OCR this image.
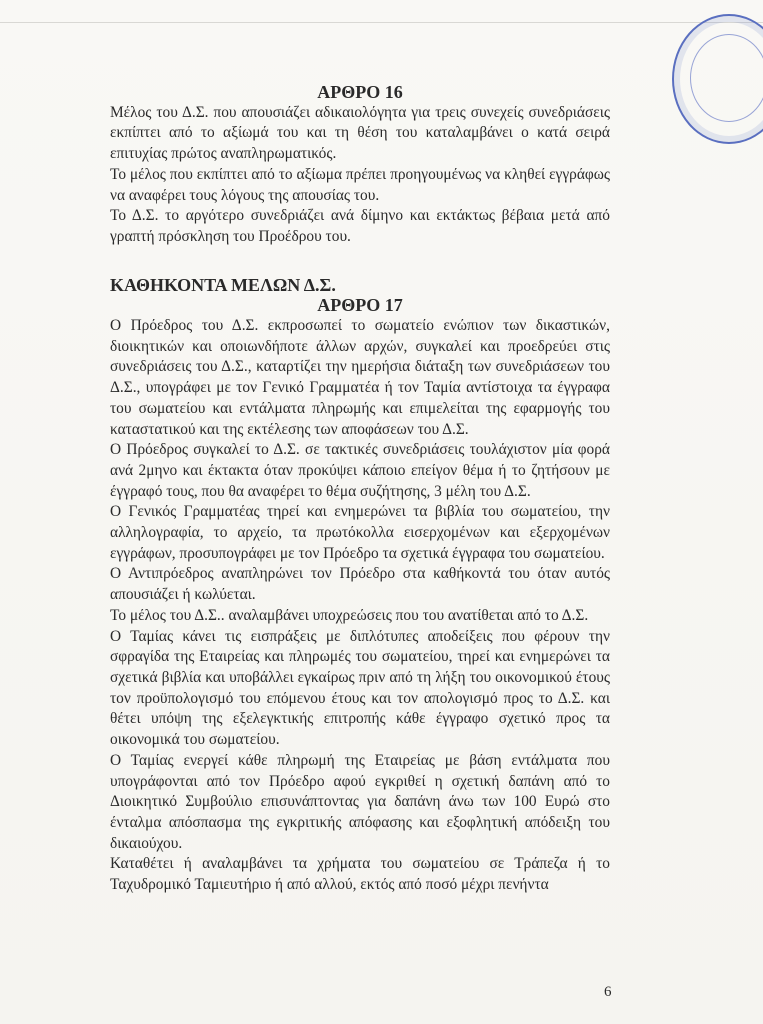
ΑΡΘΡΟ 16

Μέλος του Δ.Σ. που απουσιάζει αδικαιολόγητα για τρεις συνεχείς συνεδριάσεις εκπίπτει από το αξίωμά του και τη θέση του καταλαμβάνει ο κατά σειρά επιτυχίας πρώτος αναπληρωματικός.

Το μέλος που εκπίπτει από το αξίωμα πρέπει προηγουμένως να κληθεί εγγράφως να αναφέρει τους λόγους της απουσίας του.

Το Δ.Σ. το αργότερο συνεδριάζει ανά δίμηνο και εκτάκτως βέβαια μετά από γραπτή πρόσκληση του Προέδρου του.

ΚΑΘΗΚΟΝΤΑ ΜΕΛΩΝ Δ.Σ.
ΑΡΘΡΟ 17

Ο Πρόεδρος του Δ.Σ. εκπροσωπεί το σωματείο ενώπιον των δικαστικών, διοικητικών και οποιωνδήποτε άλλων αρχών, συγκαλεί και προεδρεύει στις συνεδριάσεις του Δ.Σ., καταρτίζει την ημερήσια διάταξη των συνεδριάσεων του Δ.Σ., υπογράφει με τον Γενικό Γραμματέα ή τον Ταμία αντίστοιχα τα έγγραφα του σωματείου και εντάλματα πληρωμής και επιμελείται της εφαρμογής του καταστατικού και της εκτέλεσης των αποφάσεων του Δ.Σ.

Ο Πρόεδρος συγκαλεί το Δ.Σ. σε τακτικές συνεδριάσεις τουλάχιστον μία φορά ανά 2μηνο και έκτακτα όταν προκύψει κάποιο επείγον θέμα ή το ζητήσουν με έγγραφό τους, που θα αναφέρει το θέμα συζήτησης, 3 μέλη του Δ.Σ.

Ο Γενικός Γραμματέας τηρεί και ενημερώνει τα βιβλία του σωματείου, την αλληλογραφία, το αρχείο, τα πρωτόκολλα εισερχομένων και εξερχομένων εγγράφων, προσυπογράφει με τον Πρόεδρο τα σχετικά έγγραφα του σωματείου.

Ο Αντιπρόεδρος αναπληρώνει τον Πρόεδρο στα καθήκοντά του όταν αυτός απουσιάζει ή κωλύεται.

Το μέλος του Δ.Σ.. αναλαμβάνει υποχρεώσεις που του ανατίθεται από το Δ.Σ.

Ο Ταμίας κάνει τις εισπράξεις με διπλότυπες αποδείξεις που φέρουν την σφραγίδα της Εταιρείας και πληρωμές του σωματείου, τηρεί και ενημερώνει τα σχετικά βιβλία και υποβάλλει εγκαίρως πριν από τη λήξη του οικονομικού έτους τον προϋπολογισμό του επόμενου έτους και τον απολογισμό προς το Δ.Σ. και θέτει υπόψη της εξελεγκτικής επιτροπής κάθε έγγραφο σχετικό προς τα οικονομικά του σωματείου.

Ο Ταμίας ενεργεί κάθε πληρωμή της Εταιρείας με βάση εντάλματα που υπογράφονται από τον Πρόεδρο αφού εγκριθεί η σχετική δαπάνη από το Διοικητικό Συμβούλιο επισυνάπτοντας για δαπάνη άνω των 100 Ευρώ στο ένταλμα απόσπασμα της εγκριτικής απόφασης και εξοφλητική απόδειξη του δικαιούχου.

Καταθέτει ή αναλαμβάνει τα χρήματα του σωματείου σε Τράπεζα ή το Ταχυδρομικό Ταμιευτήριο ή από αλλού, εκτός από ποσό μέχρι πενήντα

6
